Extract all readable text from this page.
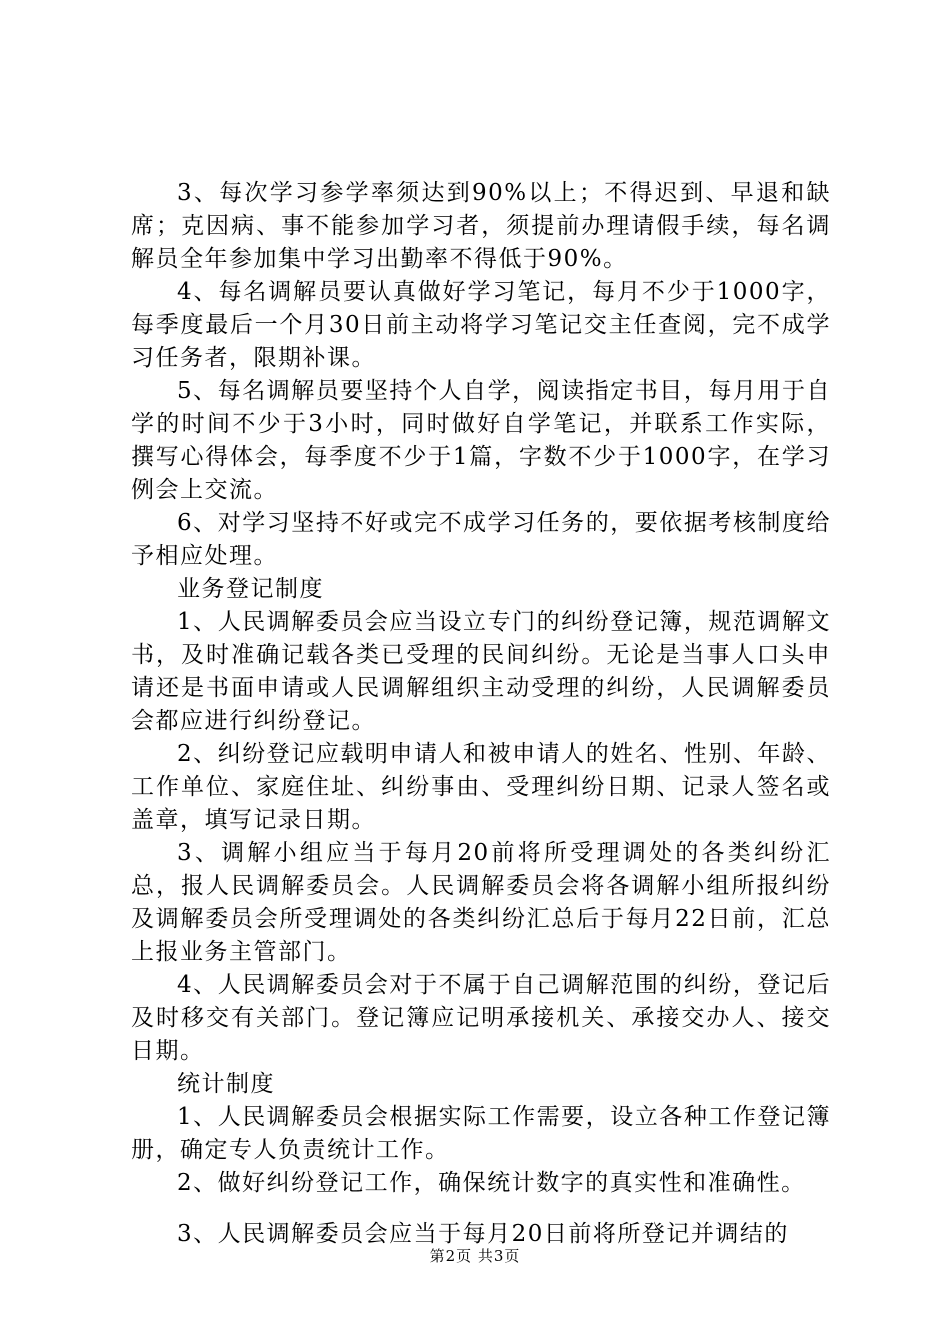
3、每次学习参学率须达到90%以上；不得迟到、早退和缺席；克因病、事不能参加学习者，须提前办理请假手续，每名调解员全年参加集中学习出勤率不得低于90%。

4、每名调解员要认真做好学习笔记，每月不少于1000字，每季度最后一个月30日前主动将学习笔记交主任查阅，完不成学习任务者，限期补课。

5、每名调解员要坚持个人自学，阅读指定书目，每月用于自学的时间不少于3小时，同时做好自学笔记，并联系工作实际，撰写心得体会，每季度不少于1篇，字数不少于1000字，在学习例会上交流。

6、对学习坚持不好或完不成学习任务的，要依据考核制度给予相应处理。

业务登记制度

1、人民调解委员会应当设立专门的纠纷登记簿，规范调解文书，及时准确记载各类已受理的民间纠纷。无论是当事人口头申请还是书面申请或人民调解组织主动受理的纠纷，人民调解委员会都应进行纠纷登记。

2、纠纷登记应载明申请人和被申请人的姓名、性别、年龄、工作单位、家庭住址、纠纷事由、受理纠纷日期、记录人签名或盖章，填写记录日期。

3、调解小组应当于每月20前将所受理调处的各类纠纷汇总，报人民调解委员会。人民调解委员会将各调解小组所报纠纷及调解委员会所受理调处的各类纠纷汇总后于每月22日前，汇总上报业务主管部门。

4、人民调解委员会对于不属于自己调解范围的纠纷，登记后及时移交有关部门。登记簿应记明承接机关、承接交办人、接交日期。

统计制度

1、人民调解委员会根据实际工作需要，设立各种工作登记簿册，确定专人负责统计工作。

2、做好纠纷登记工作，确保统计数字的真实性和准确性。

3、人民调解委员会应当于每月20日前将所登记并调结的

第2页 共3页
